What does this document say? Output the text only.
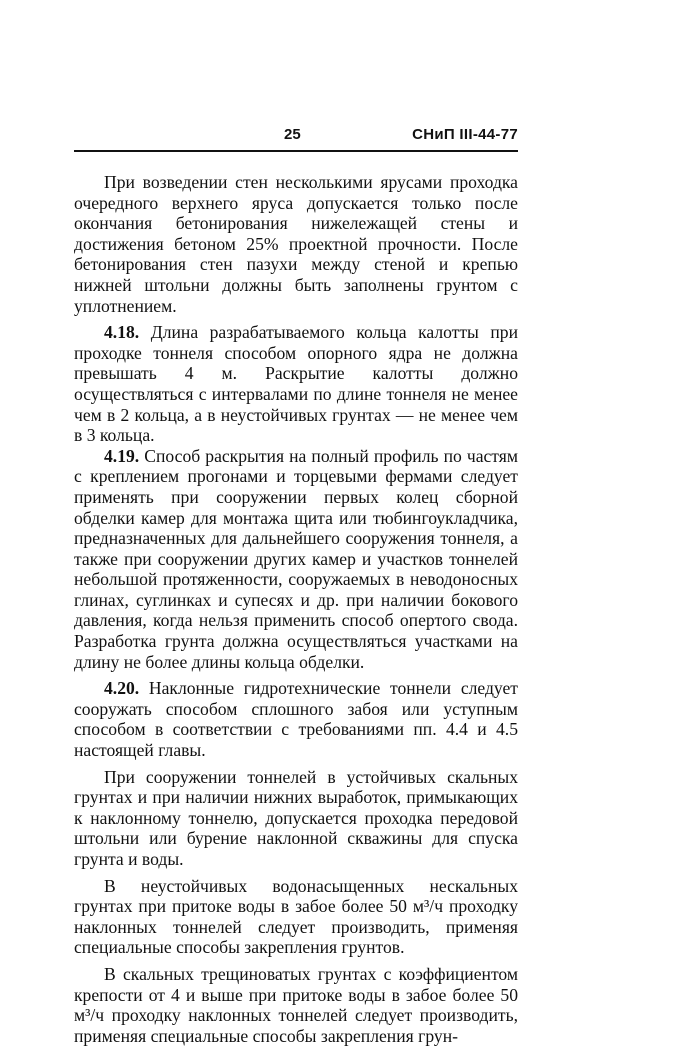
25	СНиП III-44-77

При возведении стен несколькими ярусами проходка очередного верхнего яруса допускается только после окончания бетонирования нижележащей стены и достижения бетоном 25% проектной прочности. После бетонирования стен пазухи между стеной и крепью нижней штольни должны быть заполнены грунтом с уплотнением.

4.18. Длина разрабатываемого кольца калотты при проходке тоннеля способом опорного ядра не должна превышать 4 м. Раскрытие калотты должно осуществляться с интервалами по длине тоннеля не менее чем в 2 кольца, а в неустойчивых грунтах — не менее чем в 3 кольца.

4.19. Способ раскрытия на полный профиль по частям с креплением прогонами и торцевыми фермами следует применять при сооружении первых колец сборной обделки камер для монтажа щита или тюбингоукладчика, предназначенных для дальнейшего сооружения тоннеля, а также при сооружении других камер и участков тоннелей небольшой протяженности, сооружаемых в неводоносных глинах, суглинках и супесях и др. при наличии бокового давления, когда нельзя применить способ опертого свода. Разработка грунта должна осуществляться участками на длину не более длины кольца обделки.

4.20. Наклонные гидротехнические тоннели следует сооружать способом сплошного забоя или уступным способом в соответствии с требованиями пп. 4.4 и 4.5 настоящей главы.

При сооружении тоннелей в устойчивых скальных грунтах и при наличии нижних выработок, примыкающих к наклонному тоннелю, допускается проходка передовой штольни или бурение наклонной скважины для спуска грунта и воды.

В неустойчивых водонасыщенных нескальных грунтах при притоке воды в забое более 50 м³/ч проходку наклонных тоннелей следует производить, применяя специальные способы закрепления грунтов.

В скальных трещиноватых грунтах с коэффициентом крепости от 4 и выше при притоке воды в забое более 50 м³/ч проходку наклонных тоннелей следует производить, применяя специальные способы закрепления грун-
